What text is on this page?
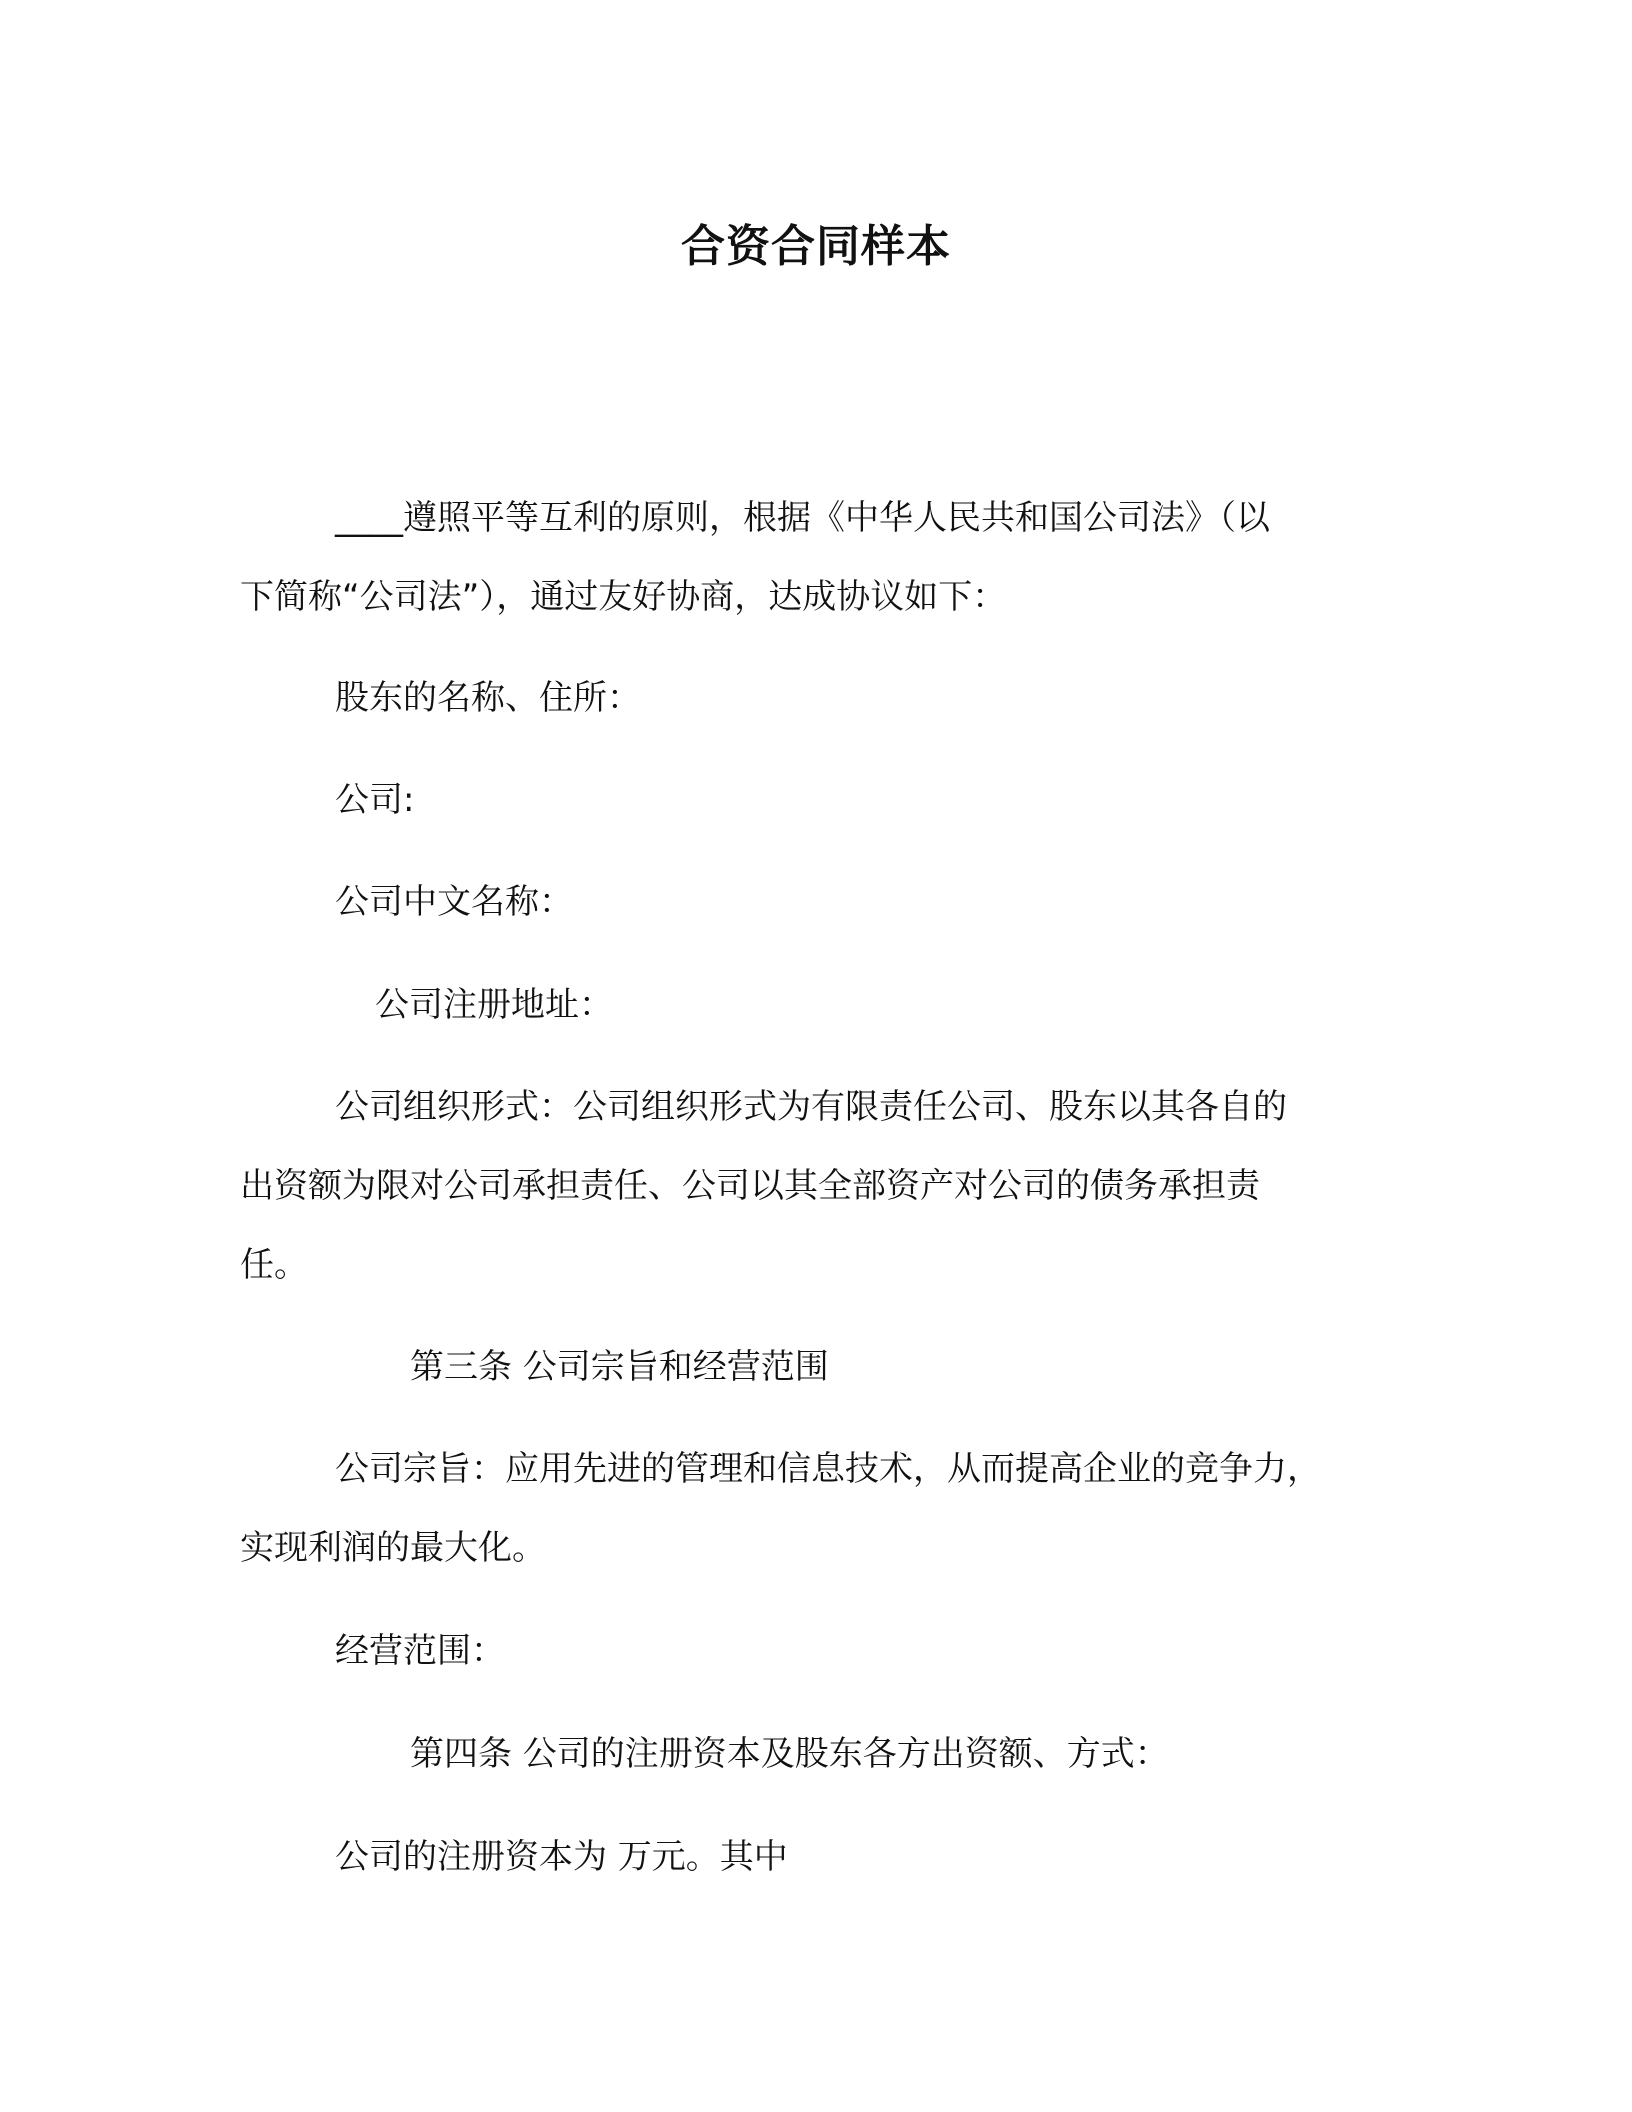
合资合同样本
____遵照平等互利的原则，根据《中华人民共和国公司法》（以
下简称“公司法”），通过友好协商，达成协议如下：
股东的名称、住所：
公司:
公司中文名称：
公司注册地址：
公司组织形式：公司组织形式为有限责任公司、股东以其各自的
出资额为限对公司承担责任、公司以其全部资产对公司的债务承担责
任。
第三条 公司宗旨和经营范围
公司宗旨：应用先进的管理和信息技术，从而提高企业的竞争力，
实现利润的最大化。
经营范围：
第四条 公司的注册资本及股东各方出资额、方式：
公司的注册资本为 万元。其中
